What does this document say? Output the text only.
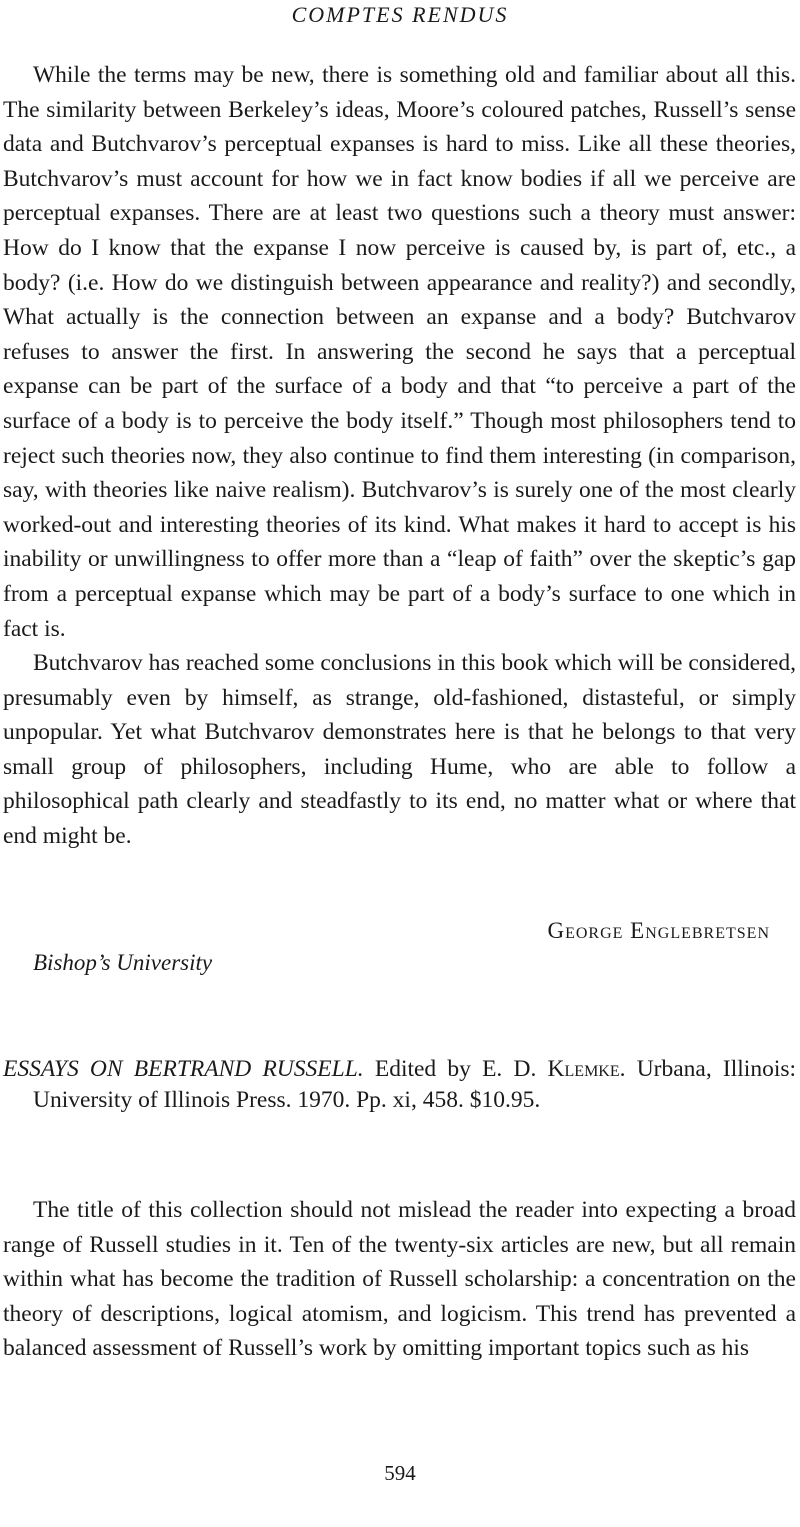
COMPTES RENDUS

While the terms may be new, there is something old and familiar about all this. The similarity between Berkeley’s ideas, Moore’s coloured patches, Russell’s sense data and Butchvarov’s perceptual expanses is hard to miss. Like all these theories, Butchvarov’s must account for how we in fact know bodies if all we perceive are perceptual expanses. There are at least two questions such a theory must answer: How do I know that the expanse I now perceive is caused by, is part of, etc., a body? (i.e. How do we distinguish between appearance and reality?) and secondly, What actually is the connection between an expanse and a body? Butchvarov refuses to answer the first. In answering the second he says that a perceptual expanse can be part of the surface of a body and that “to perceive a part of the surface of a body is to perceive the body itself.” Though most philosophers tend to reject such theories now, they also continue to find them interesting (in comparison, say, with theories like naive realism). Butchvarov’s is surely one of the most clearly worked-out and interesting theories of its kind. What makes it hard to accept is his inability or unwillingness to offer more than a “leap of faith” over the skeptic’s gap from a perceptual expanse which may be part of a body’s surface to one which in fact is.

Butchvarov has reached some conclusions in this book which will be considered, presumably even by himself, as strange, old-fashioned, distasteful, or simply unpopular. Yet what Butchvarov demonstrates here is that he belongs to that very small group of philosophers, including Hume, who are able to follow a philosophical path clearly and steadfastly to its end, no matter what or where that end might be.

George Englebretsen
Bishop’s University
ESSAYS ON BERTRAND RUSSELL. Edited by E. D. Klemke. Urbana, Illinois: University of Illinois Press. 1970. Pp. xi, 458. $10.95.

The title of this collection should not mislead the reader into expecting a broad range of Russell studies in it. Ten of the twenty-six articles are new, but all remain within what has become the tradition of Russell scholarship: a concentration on the theory of descriptions, logical atomism, and logicism. This trend has prevented a balanced assessment of Russell’s work by omitting important topics such as his

594
